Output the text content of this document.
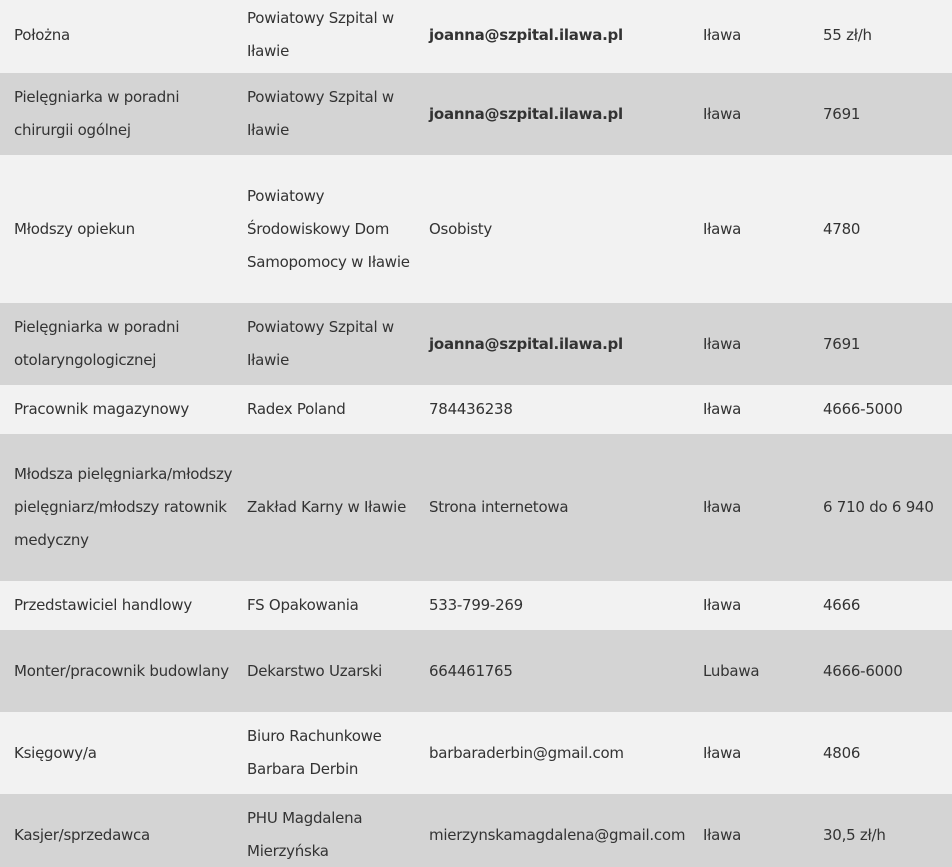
Położna	Powiatowy Szpital w Iławie	joanna@szpital.ilawa.pl	Iława	55 zł/h
Pielęgniarka w poradni chirurgii ogólnej	Powiatowy Szpital w Iławie	joanna@szpital.ilawa.pl	Iława	7691
Młodszy opiekun	Powiatowy Środowiskowy Dom Samopomocy w Iławie	Osobisty	Iława	4780
Pielęgniarka w poradni otolaryngologicznej	Powiatowy Szpital w Iławie	joanna@szpital.ilawa.pl	Iława	7691
Pracownik magazynowy	Radex Poland	784436238	Iława	4666-5000
Młodsza pielęgniarka/młodszy pielęgniarz/młodszy ratownik medyczny	Zakład Karny w Iławie	Strona internetowa	Iława	6 710 do 6 940
Przedstawiciel handlowy	FS Opakowania	533-799-269	Iława	4666
Monter/pracownik budowlany	Dekarstwo Uzarski	664461765	Lubawa	4666-6000
Księgowy/a	Biuro Rachunkowe Barbara Derbin	barbaraderbin@gmail.com	Iława	4806
Kasjer/sprzedawca	PHU Magdalena Mierzyńska	mierzynskamagdalena@gmail.com	Iława	30,5 zł/h
